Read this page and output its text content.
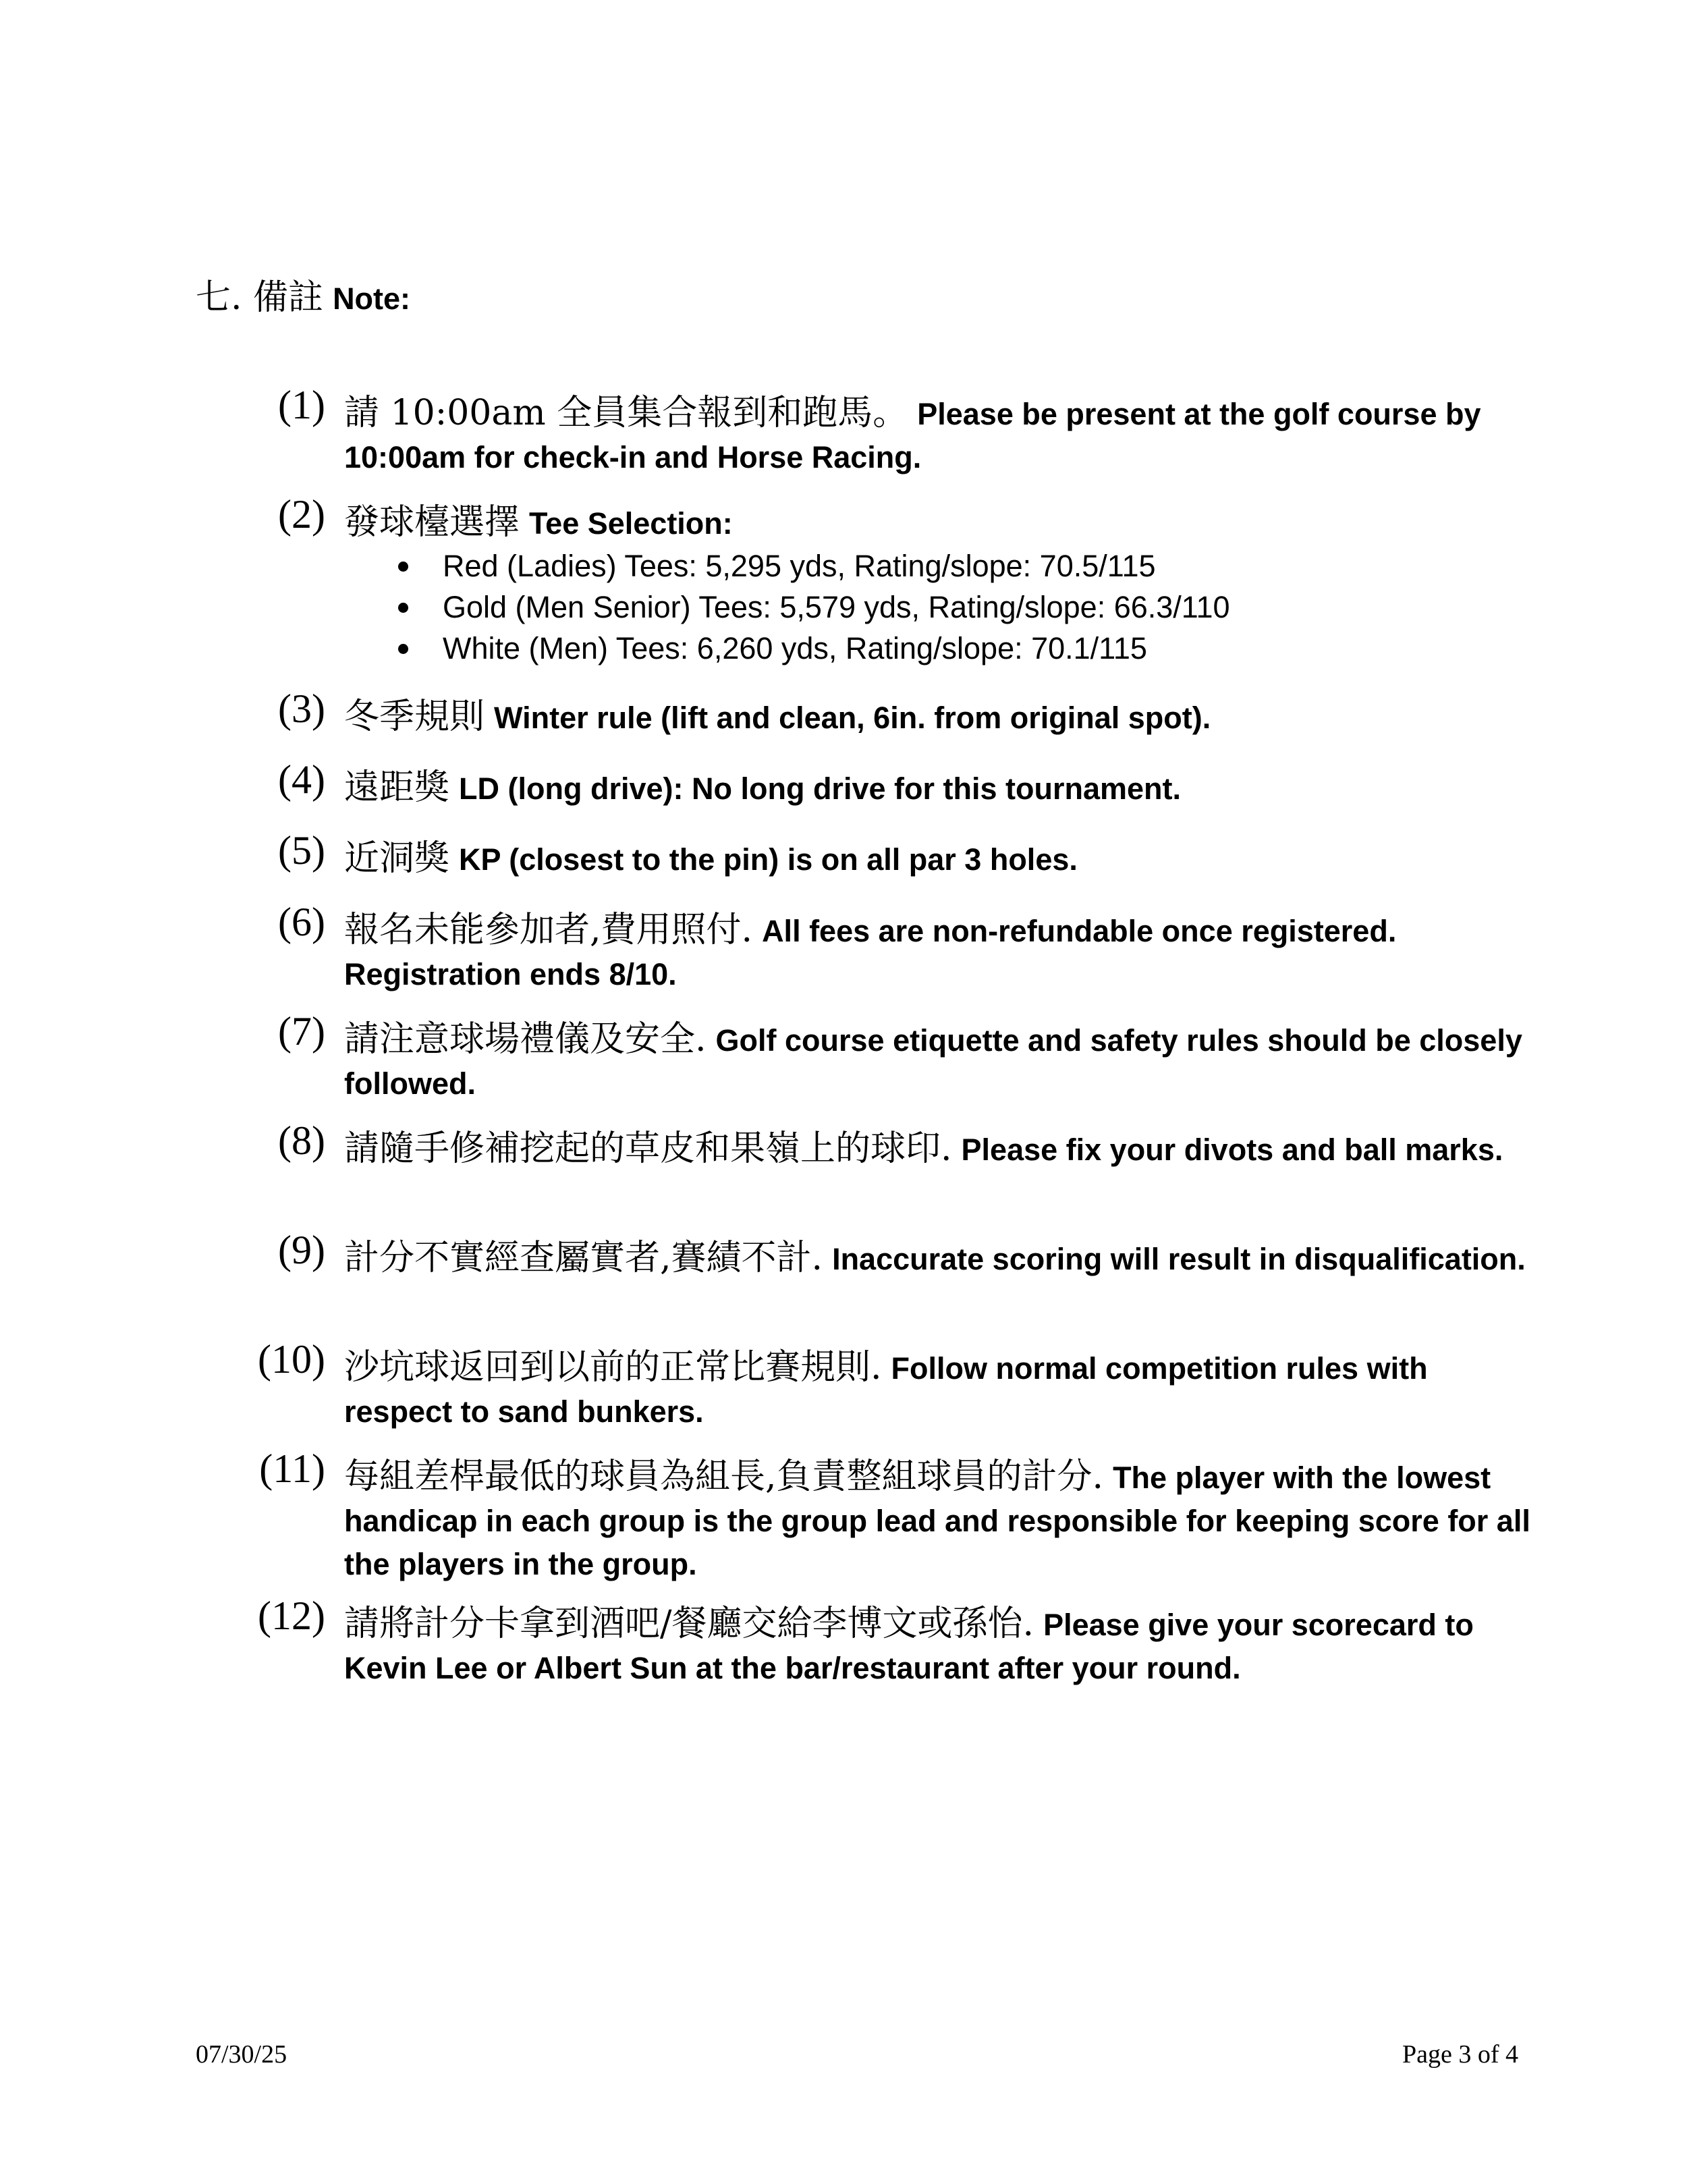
七. 備註 Note:
(1) 請 10:00am 全員集合報到和跑馬。 Please be present at the golf course by 10:00am for check-in and Horse Racing.
(2) 發球檯選擇 Tee Selection:
Red (Ladies) Tees: 5,295 yds, Rating/slope: 70.5/115
Gold (Men Senior) Tees: 5,579 yds, Rating/slope: 66.3/110
White (Men) Tees: 6,260 yds, Rating/slope: 70.1/115
(3) 冬季規則 Winter rule (lift and clean, 6in. from original spot).
(4) 遠距獎 LD (long drive): No long drive for this tournament.
(5) 近洞獎 KP (closest to the pin) is on all par 3 holes.
(6) 報名未能參加者,費用照付. All fees are non-refundable once registered. Registration ends 8/10.
(7) 請注意球場禮儀及安全. Golf course etiquette and safety rules should be closely followed.
(8) 請隨手修補挖起的草皮和果嶺上的球印. Please fix your divots and ball marks.
(9) 計分不實經查屬實者,賽績不計. Inaccurate scoring will result in disqualification.
(10) 沙坑球返回到以前的正常比賽規則. Follow normal competition rules with respect to sand bunkers.
(11) 每組差桿最低的球員為組長,負責整組球員的計分. The player with the lowest handicap in each group is the group lead and responsible for keeping score for all the players in the group.
(12) 請將計分卡拿到酒吧/餐廳交給李博文或孫怡. Please give your scorecard to Kevin Lee or Albert Sun at the bar/restaurant after your round.
07/30/25	Page 3 of 4
